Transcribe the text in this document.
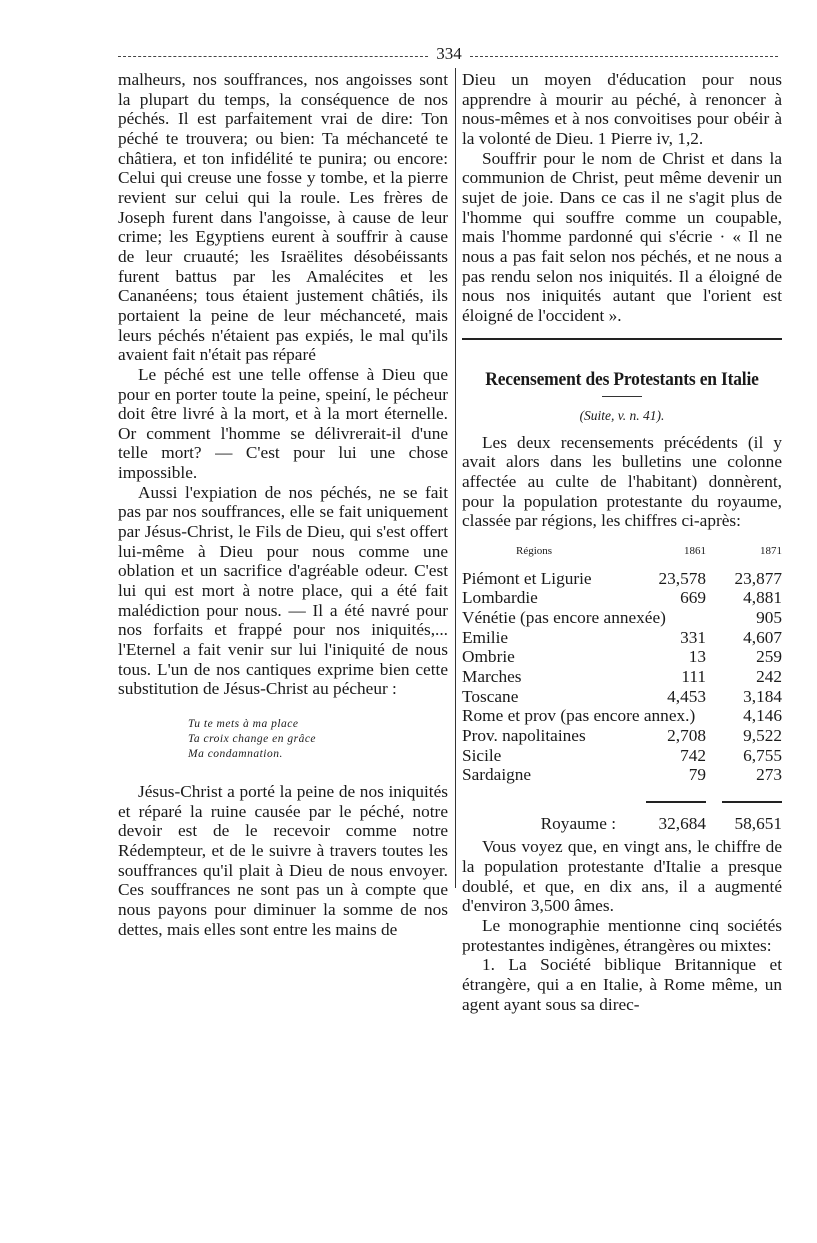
334

malheurs, nos souffrances, nos angoisses sont la plupart du temps, la conséquence de nos péchés. Il est parfaitement vrai de dire: Ton péché te trouvera; ou bien: Ta méchanceté te châtiera, et ton infidélité te punira; ou encore: Celui qui creuse une fosse y tombe, et la pierre revient sur celui qui la roule. Les frères de Joseph furent dans l'angoisse, à cause de leur crime; les Egyptiens eurent à souffrir à cause de leur cruauté; les Israëlites désobéissants furent battus par les Amalécites et les Cananéens; tous étaient justement châtiés, ils portaient la peine de leur méchanceté, mais leurs péchés n'étaient pas expiés, le mal qu'ils avaient fait n'était pas réparé

Le péché est une telle offense à Dieu que pour en porter toute la peine, speiní, le pécheur doit être livré à la mort, et à la mort éternelle. Or comment l'homme se délivrerait-il d'une telle mort? — C'est pour lui une chose impossible.

Aussi l'expiation de nos péchés, ne se fait pas par nos souffrances, elle se fait uniquement par Jésus-Christ, le Fils de Dieu, qui s'est offert lui-même à Dieu pour nous comme une oblation et un sacrifice d'agréable odeur. C'est lui qui est mort à notre place, qui a été fait malédiction pour nous. — Il a été navré pour nos forfaits et frappé pour nos iniquités,... l'Eternel a fait venir sur lui l'iniquité de nous tous. L'un de nos cantiques exprime bien cette substitution de Jésus-Christ au pécheur :

Tu te mets à ma place
Ta croix change en grâce
Ma condamnation.

Jésus-Christ a porté la peine de nos iniquités et réparé la ruine causée par le péché, notre devoir est de le recevoir comme notre Rédempteur, et de le suivre à travers toutes les souffrances qu'il plait à Dieu de nous envoyer. Ces souffrances ne sont pas un à compte que nous payons pour diminuer la somme de nos dettes, mais elles sont entre les mains de

Dieu un moyen d'éducation pour nous apprendre à mourir au péché, à renoncer à nous-mêmes et à nos convoitises pour obéir à la volonté de Dieu. 1 Pierre iv, 1,2.

Souffrir pour le nom de Christ et dans la communion de Christ, peut même devenir un sujet de joie. Dans ce cas il ne s'agit plus de l'homme qui souffre comme un coupable, mais l'homme pardonné qui s'écrie · « Il ne nous a pas fait selon nos péchés, et ne nous a pas rendu selon nos iniquités. Il a éloigné de nous nos iniquités autant que l'orient est éloigné de l'occident ».

Recensement des Protestants en Italie

(Suite, v. n. 41).

Les deux recensements précédents (il y avait alors dans les bulletins une colonne affectée au culte de l'habitant) donnèrent, pour la population protestante du royaume, classée par régions, les chiffres ci-après:

Régions	1861	1871
Piémont et Ligurie	23,578	23,877
Lombardie	669	4,881
Vénétie (pas encore annexée)		905
Emilie	331	4,607
Ombrie	13	259
Marches	111	242
Toscane	4,453	3,184
Rome et prov (pas encore annex.)		4,146
Prov. napolitaines	2,708	9,522
Sicile	742	6,755
Sardaigne	79	273

Royaume :	32,684	58,651

Vous voyez que, en vingt ans, le chiffre de la population protestante d'Italie a presque doublé, et que, en dix ans, il a augmenté d'environ 3,500 âmes.

Le monographie mentionne cinq sociétés protestantes indigènes, étrangères ou mixtes:

1. La Société biblique Britannique et étrangère, qui a en Italie, à Rome même, un agent ayant sous sa direc-
